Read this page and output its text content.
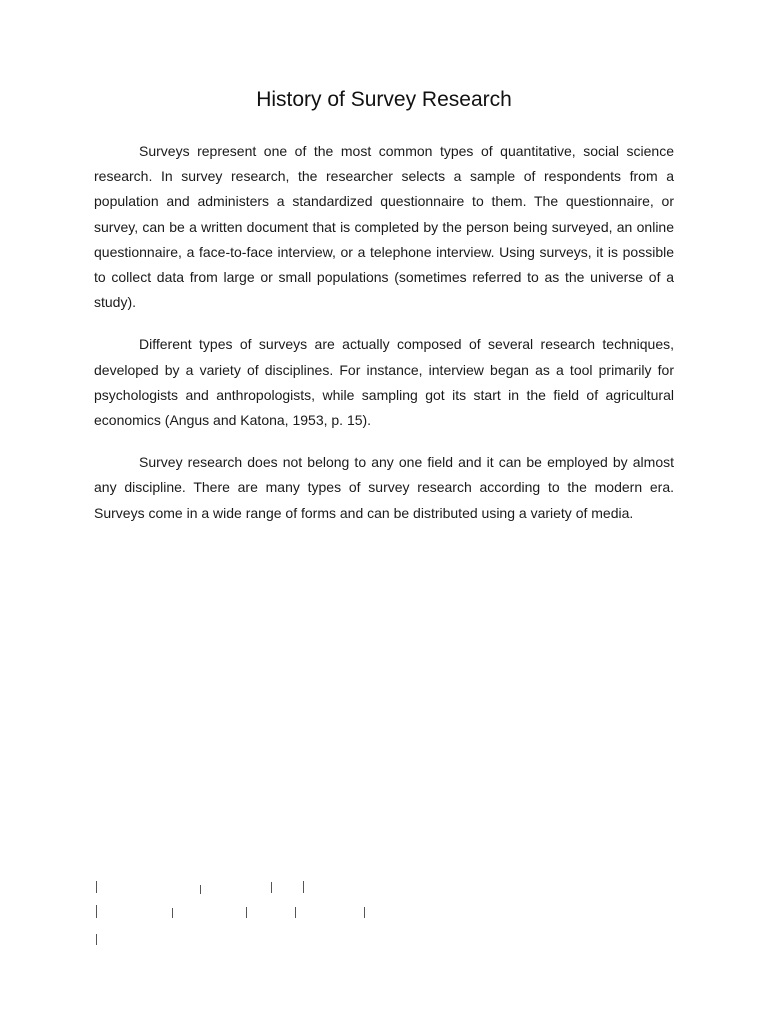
History of Survey Research

Surveys represent one of the most common types of quantitative, social science research. In survey research, the researcher selects a sample of respondents from a population and administers a standardized questionnaire to them. The questionnaire, or survey, can be a written document that is completed by the person being surveyed, an online questionnaire, a face-to-face interview, or a telephone interview. Using surveys, it is possible to collect data from large or small populations (sometimes referred to as the universe of a study).

Different types of surveys are actually composed of several research techniques, developed by a variety of disciplines. For instance, interview began as a tool primarily for psychologists and anthropologists, while sampling got its start in the field of agricultural economics (Angus and Katona, 1953, p. 15).

Survey research does not belong to any one field and it can be employed by almost any discipline. There are many types of survey research according to the modern era. Surveys come in a wide range of forms and can be distributed using a variety of media.
